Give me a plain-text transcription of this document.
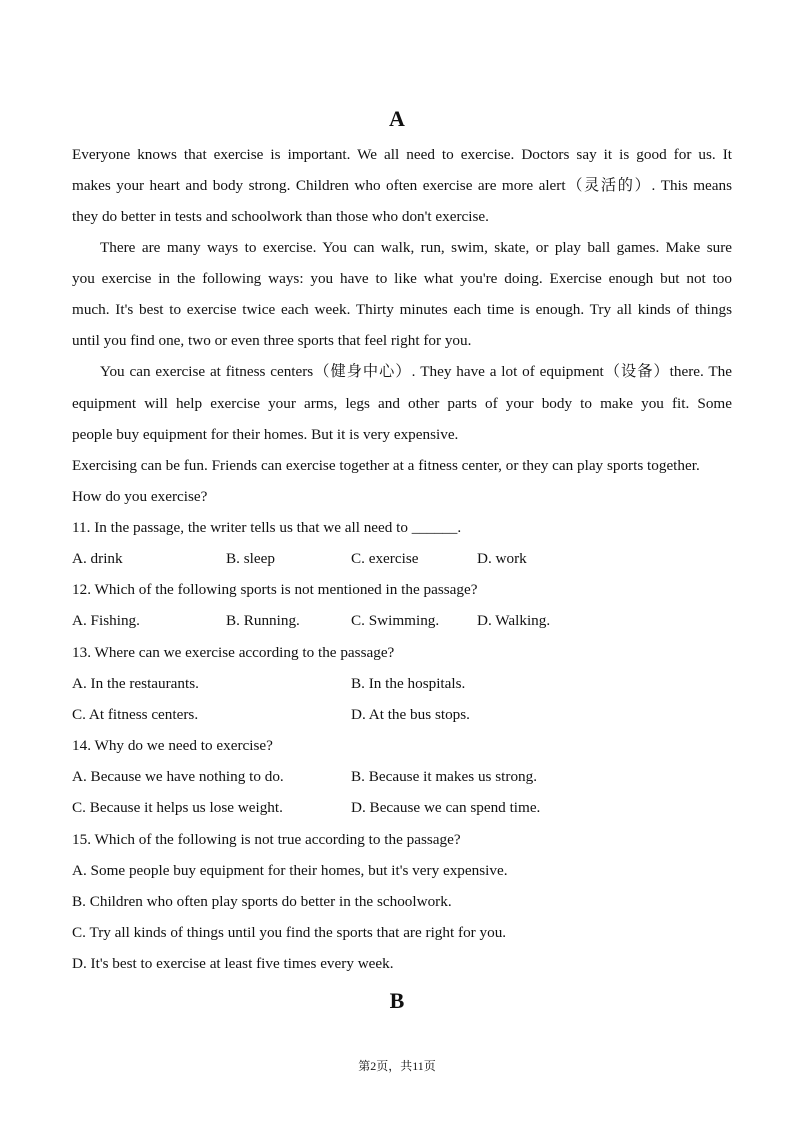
A
Everyone knows that exercise is important. We all need to exercise. Doctors say it is good for us. It
makes your heart and body strong. Children who often exercise are more alert（灵活的）. This means
they do better in tests and schoolwork than those who don't exercise.
There are many ways to exercise. You can walk, run, swim, skate, or play ball games. Make sure
you exercise in the following ways: you have to like what you're doing. Exercise enough but not too
much. It's best to exercise twice each week. Thirty minutes each time is enough. Try all kinds of things
until you find one, two or even three sports that feel right for you.
You can exercise at fitness centers（健身中心）. They have a lot of equipment（设备）there. The
equipment will help exercise your arms, legs and other parts of your body to make you fit. Some
people buy equipment for their homes. But it is very expensive.
Exercising can be fun. Friends can exercise together at a fitness center, or they can play sports together.
How do you exercise?
11. In the passage, the writer tells us that we all need to ______.
A. drink	B. sleep	C. exercise	D. work
12. Which of the following sports is not mentioned in the passage?
A. Fishing.	B. Running.	C. Swimming. D. Walking.
13. Where can we exercise according to the passage?
A. In the restaurants.	B. In the hospitals.
C. At fitness centers.	D. At the bus stops.
14. Why do we need to exercise?
A. Because we have nothing to do.	B. Because it makes us strong.
C. Because it helps us lose weight.	D. Because we can spend time.
15. Which of the following is not true according to the passage?
A. Some people buy equipment for their homes, but it's very expensive.
B. Children who often play sports do better in the schoolwork.
C. Try all kinds of things until you find the sports that are right for you.
D. It's best to exercise at least five times every week.
B
第2页，共11页
